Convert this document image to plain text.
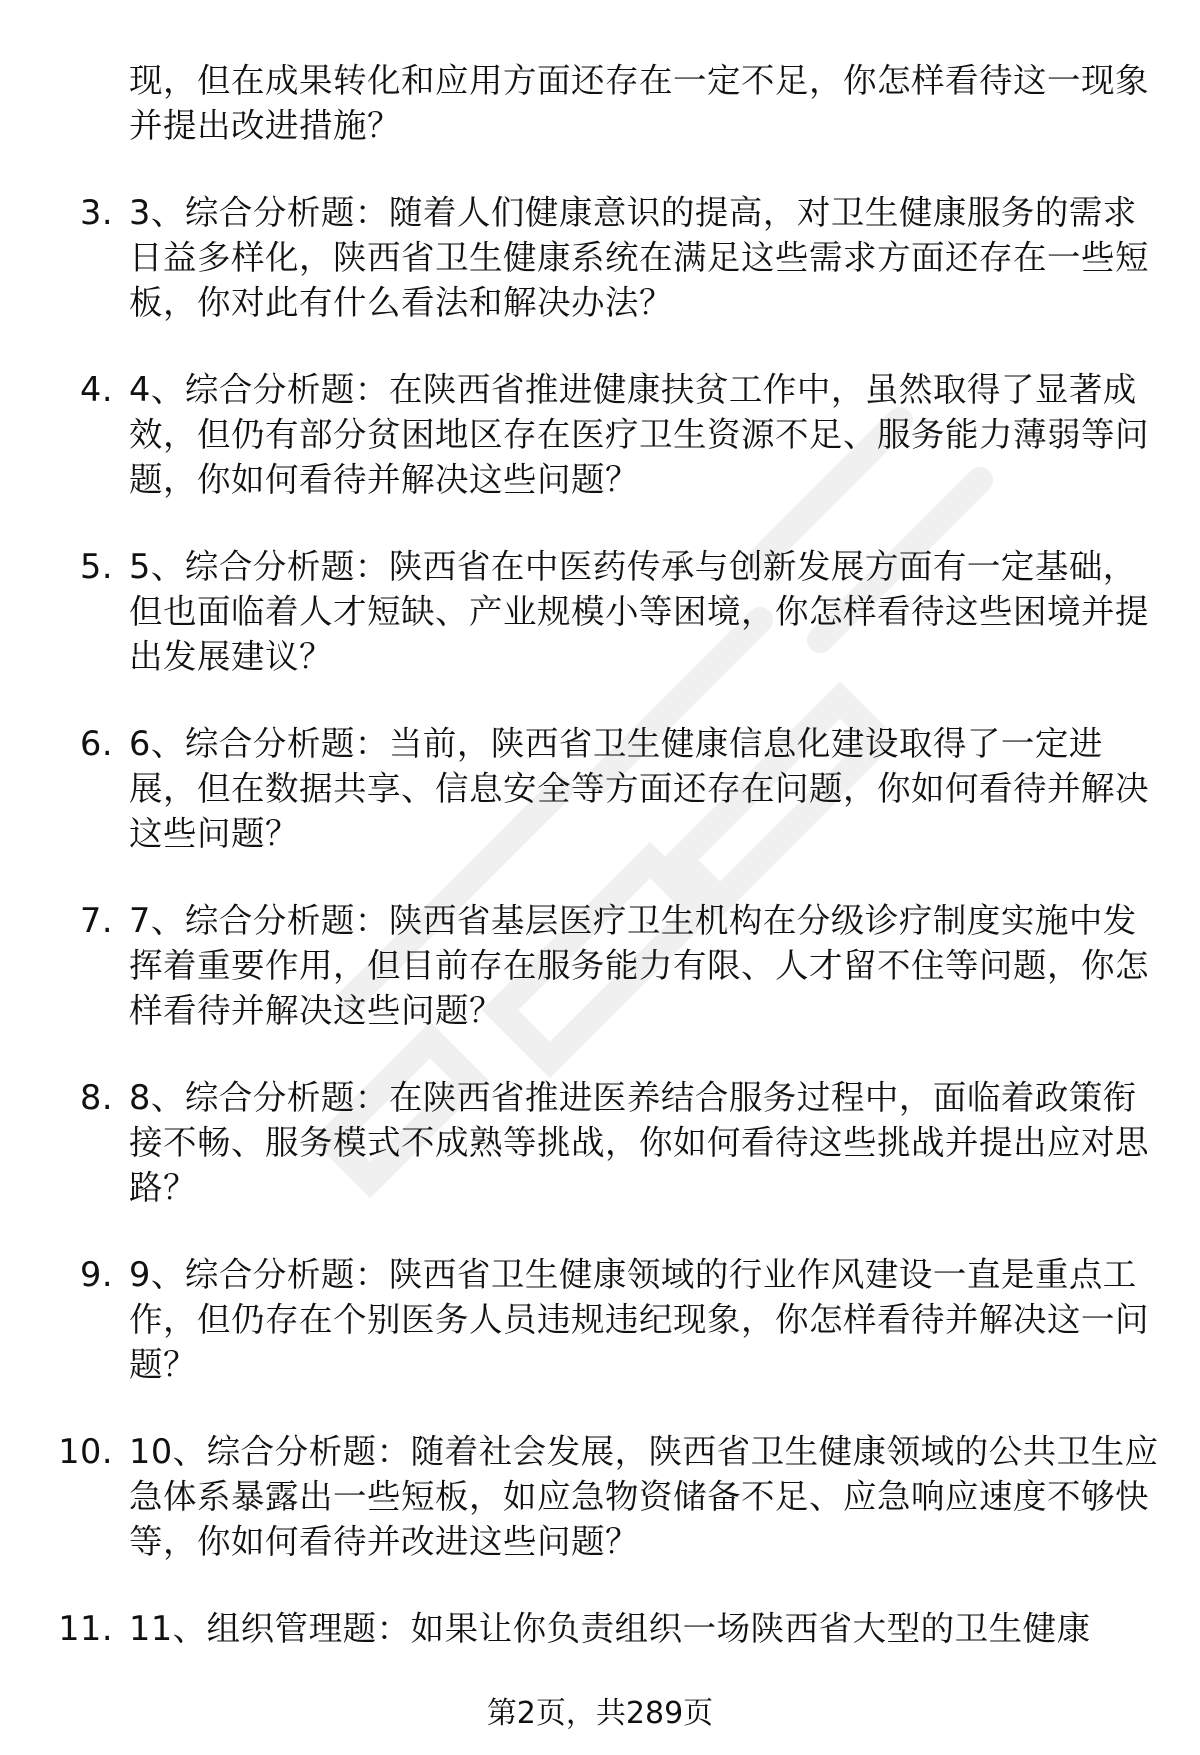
现，但在成果转化和应用方面还存在一定不足，你怎样看待这一现象并提出改进措施？
3. 3、综合分析题：随着人们健康意识的提高，对卫生健康服务的需求日益多样化，陕西省卫生健康系统在满足这些需求方面还存在一些短板，你对此有什么看法和解决办法？
4. 4、综合分析题：在陕西省推进健康扶贫工作中，虽然取得了显著成效，但仍有部分贫困地区存在医疗卫生资源不足、服务能力薄弱等问题，你如何看待并解决这些问题？
5. 5、综合分析题：陕西省在中医药传承与创新发展方面有一定基础，但也面临着人才短缺、产业规模小等困境，你怎样看待这些困境并提出发展建议？
6. 6、综合分析题：当前，陕西省卫生健康信息化建设取得了一定进展，但在数据共享、信息安全等方面还存在问题，你如何看待并解决这些问题？
7. 7、综合分析题：陕西省基层医疗卫生机构在分级诊疗制度实施中发挥着重要作用，但目前存在服务能力有限、人才留不住等问题，你怎样看待并解决这些问题？
8. 8、综合分析题：在陕西省推进医养结合服务过程中，面临着政策衔接不畅、服务模式不成熟等挑战，你如何看待这些挑战并提出应对思路？
9. 9、综合分析题：陕西省卫生健康领域的行业作风建设一直是重点工作，但仍存在个别医务人员违规违纪现象，你怎样看待并解决这一问题？
10. 10、综合分析题：随着社会发展，陕西省卫生健康领域的公共卫生应急体系暴露出一些短板，如应急物资储备不足、应急响应速度不够快等，你如何看待并改进这些问题？
11. 11、组织管理题：如果让你负责组织一场陕西省大型的卫生健康
第2页，共289页
